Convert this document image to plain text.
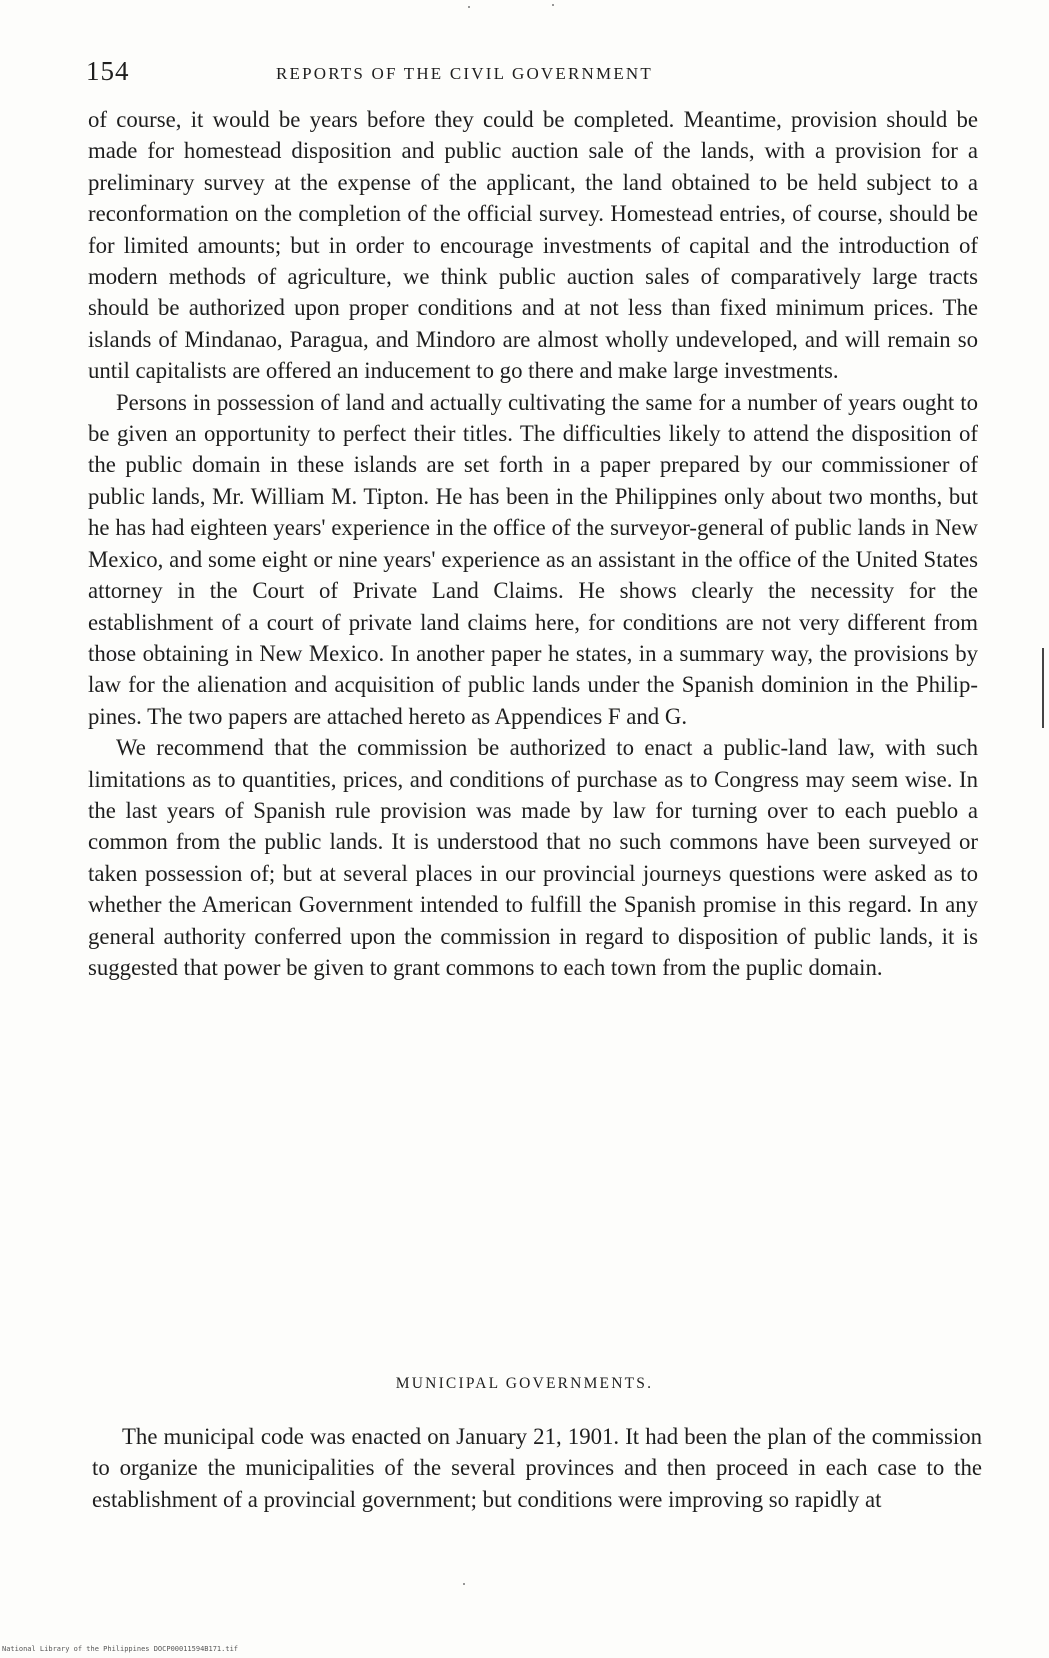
154	REPORTS OF THE CIVIL GOVERNMENT

of course, it would be years before they could be completed. Meantime, provision should be made for homestead disposition and public auction sale of the lands, with a provision for a preliminary survey at the expense of the applicant, the land obtained to be held subject to a reconformation on the completion of the official survey. Homestead entries, of course, should be for limited amounts; but in order to encourage investments of capital and the introduction of modern methods of agriculture, we think public auction sales of comparatively large tracts should be authorized upon proper conditions and at not less than fixed minimum prices. The islands of Mindanao, Paragua, and Mindoro are almost wholly undeveloped, and will remain so until capitalists are offered an inducement to go there and make large investments.

Persons in possession of land and actually cultivating the same for a number of years ought to be given an opportunity to perfect their titles. The difficulties likely to attend the disposition of the public domain in these islands are set forth in a paper prepared by our commissioner of public lands, Mr. William M. Tipton. He has been in the Philippines only about two months, but he has had eighteen years' experience in the office of the surveyor-general of public lands in New Mexico, and some eight or nine years' experience as an assistant in the office of the United States attorney in the Court of Private Land Claims. He shows clearly the necessity for the establishment of a court of private land claims here, for conditions are not very different from those obtaining in New Mexico. In another paper he states, in a summary way, the provisions by law for the alienation and acquisition of public lands under the Spanish dominion in the Philippines. The two papers are attached hereto as Appendices F and G.

We recommend that the commission be authorized to enact a public-land law, with such limitations as to quantities, prices, and conditions of purchase as to Congress may seem wise. In the last years of Spanish rule provision was made by law for turning over to each pueblo a common from the public lands. It is understood that no such commons have been surveyed or taken possession of; but at several places in our provincial journeys questions were asked as to whether the American Government intended to fulfill the Spanish promise in this regard. In any general authority conferred upon the commission in regard to disposition of public lands, it is suggested that power be given to grant commons to each town from the puplic domain.

MUNICIPAL GOVERNMENTS.

The municipal code was enacted on January 21, 1901. It had been the plan of the commission to organize the municipalities of the several provinces and then proceed in each case to the establishment of a provincial government; but conditions were improving so rapidly at

National Library of the Philippines DOCP00011594B171.tif
